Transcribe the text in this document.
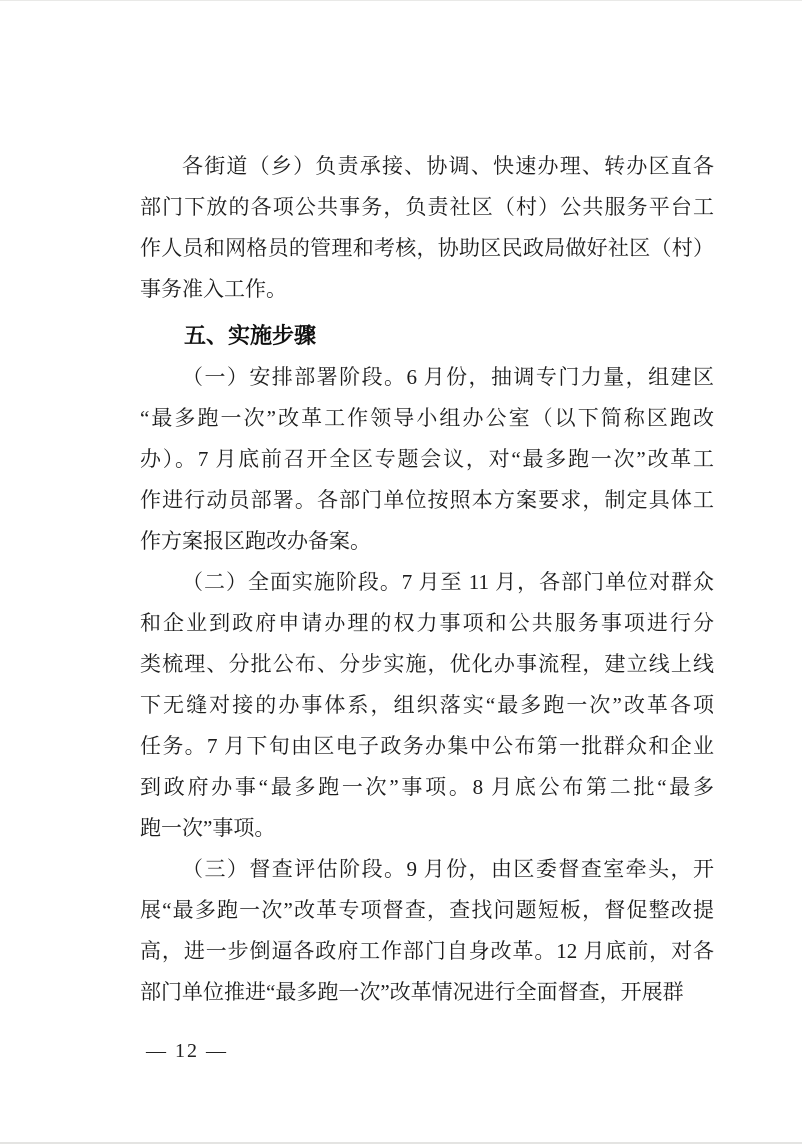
各街道（乡）负责承接、协调、快速办理、转办区直各
部门下放的各项公共事务，负责社区（村）公共服务平台工
作人员和网格员的管理和考核，协助区民政局做好社区（村）
事务准入工作。
五、实施步骤
（一）安排部署阶段。6 月份，抽调专门力量，组建区
“最多跑一次”改革工作领导小组办公室（以下简称区跑改
办）。7 月底前召开全区专题会议，对“最多跑一次”改革工
作进行动员部署。各部门单位按照本方案要求，制定具体工
作方案报区跑改办备案。
（二）全面实施阶段。7 月至 11 月，各部门单位对群众
和企业到政府申请办理的权力事项和公共服务事项进行分
类梳理、分批公布、分步实施，优化办事流程，建立线上线
下无缝对接的办事体系，组织落实“最多跑一次”改革各项
任务。7 月下旬由区电子政务办集中公布第一批群众和企业
到政府办事“最多跑一次”事项。8 月底公布第二批“最多
跑一次”事项。
（三）督查评估阶段。9 月份，由区委督查室牵头，开
展“最多跑一次”改革专项督查，查找问题短板，督促整改提
高，进一步倒逼各政府工作部门自身改革。12 月底前，对各
部门单位推进“最多跑一次”改革情况进行全面督查，开展群
— 12 —
